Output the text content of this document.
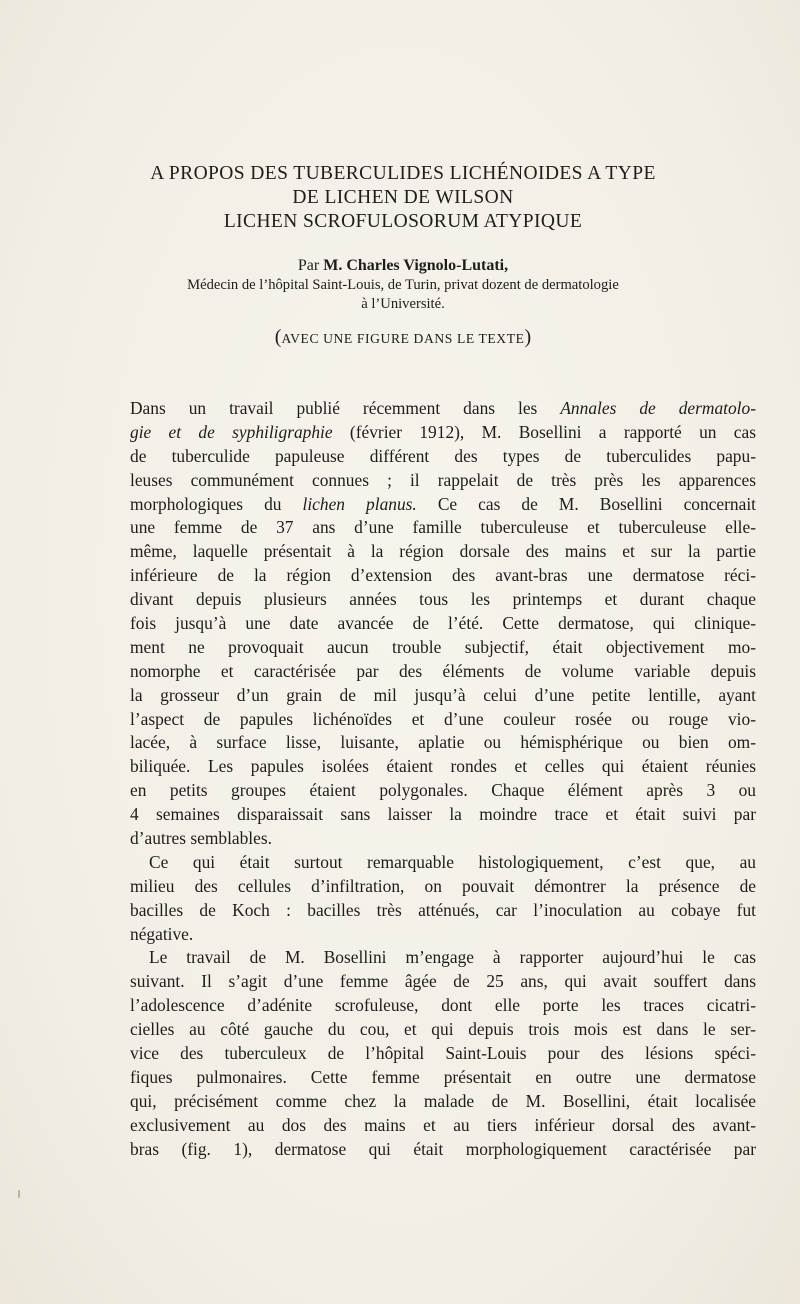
A PROPOS DES TUBERCULIDES LICHÉNOIDES A TYPE
DE LICHEN DE WILSON
LICHEN SCROFULOSORUM ATYPIQUE
Par M. Charles Vignolo-Lutati,
Médecin de l’hôpital Saint-Louis, de Turin, privat dozent de dermatologie
à l’Université.
(AVEC UNE FIGURE DANS LE TEXTE)
Dans un travail publié récemment dans les Annales de dermatolo-
gie et de syphiligraphie (février 1912), M. Bosellini a rapporté un cas
de tuberculide papuleuse différent des types de tuberculides papu-
leuses communément connues ; il rappelait de très près les apparences
morphologiques du lichen planus. Ce cas de M. Bosellini concernait
une femme de 37 ans d’une famille tuberculeuse et tuberculeuse elle-
même, laquelle présentait à la région dorsale des mains et sur la partie
inférieure de la région d’extension des avant-bras une dermatose réci-
divant depuis plusieurs années tous les printemps et durant chaque
fois jusqu’à une date avancée de l’été. Cette dermatose, qui clinique-
ment ne provoquait aucun trouble subjectif, était objectivement mo-
nomorphe et caractérisée par des éléments de volume variable depuis
la grosseur d’un grain de mil jusqu’à celui d’une petite lentille, ayant
l’aspect de papules lichénoïdes et d’une couleur rosée ou rouge vio-
lacée, à surface lisse, luisante, aplatie ou hémisphérique ou bien om-
biliquée. Les papules isolées étaient rondes et celles qui étaient réunies
en petits groupes étaient polygonales. Chaque élément après 3 ou
4 semaines disparaissait sans laisser la moindre trace et était suivi par
d’autres semblables.
Ce qui était surtout remarquable histologiquement, c’est que, au
milieu des cellules d’infiltration, on pouvait démontrer la présence de
bacilles de Koch : bacilles très atténués, car l’inoculation au cobaye fut
négative.
Le travail de M. Bosellini m’engage à rapporter aujourd’hui le cas
suivant. Il s’agit d’une femme âgée de 25 ans, qui avait souffert dans
l’adolescence d’adénite scrofuleuse, dont elle porte les traces cicatri-
cielles au côté gauche du cou, et qui depuis trois mois est dans le ser-
vice des tuberculeux de l’hôpital Saint-Louis pour des lésions spéci-
fiques pulmonaires. Cette femme présentait en outre une dermatose
qui, précisément comme chez la malade de M. Bosellini, était localisée
exclusivement au dos des mains et au tiers inférieur dorsal des avant-
bras (fig. 1), dermatose qui était morphologiquement caractérisée par
